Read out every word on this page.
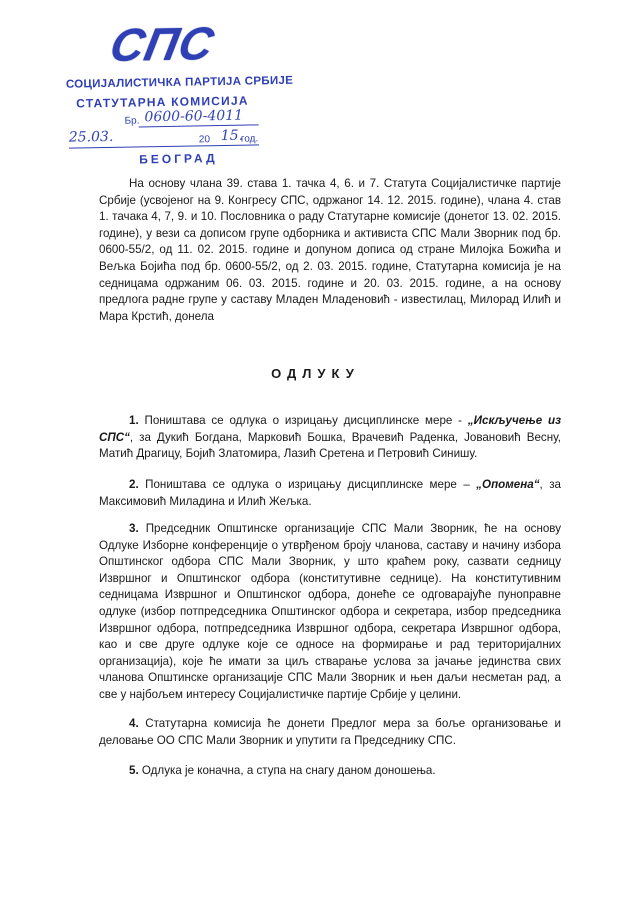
СПС
СОЦИЈАЛИСТИЧКА ПАРТИЈА СРБИЈЕ
СТАТУТАРНА КОМИСИЈА
Бр. 0600-60-4011
25.03.	20 15.
год.
БЕОГРАД

На основу члана 39. става 1. тачка 4, 6. и 7. Статута Социјалистичке партије Србије (усвојеног на 9. Конгресу СПС, одржаног 14. 12. 2015. године), члана 4. став 1. тачака 4, 7, 9. и 10. Пословника о раду Статутарне комисије (донетог 13. 02. 2015. године), у вези са дописом групе одборника и активиста СПС Мали Зворник под бр. 0600-55/2, од 11. 02. 2015. године и допуном дописа од стране Милојка Божића и Вељка Бојића под бр. 0600-55/2, од 2. 03. 2015. године, Статутарна комисија је на седницама одржаним 06. 03. 2015. године и 20. 03. 2015. године, а на основу предлога радне групе у саставу Младен Младеновић - известилац, Милорад Илић и Мара Крстић, донела

ОДЛУКУ

1. Поништава се одлука о изрицању дисциплинске мере - „Искључење из СПС“, за Дукић Богдана, Марковић Бошка, Врачевић Раденка, Јовановић Весну, Матић Драгицу, Бојић Златомира, Лазић Сретена и Петровић Синишу.

2. Поништава се одлука о изрицању дисциплинске мере – „Опомена“, за Максимовић Миладина и Илић Жељка.

3. Председник Општинске организације СПС Мали Зворник, ће на основу Одлуке Изборне конференције о утврђеном броју чланова, саставу и начину избора Општинског одбора СПС Мали Зворник, у што краћем року, сазвати седницу Извршног и Општинског одбора (конститутивне седнице). На конститутивним седницама Извршног и Општинског одбора, донеће се одговарајуће пуноправне одлуке (избор потпредседника Општинског одбора и секретара, избор председника Извршног одбора, потпредседника Извршног одбора, секретара Извршног одбора, као и све друге одлуке које се односе на формирање и рад територијалних организација), које ће имати за циљ стварање услова за јачање јединства свих чланова Општинске организације СПС Мали Зворник и њен даљи несметан рад, а све у најбољем интересу Социјалистичке партије Србије у целини.

4. Статутарна комисија ће донети Предлог мера за боље организовање и деловање ОО СПС Мали Зворник и упутити га Председнику СПС.

5. Одлука је коначна, а ступа на снагу даном доношења.
